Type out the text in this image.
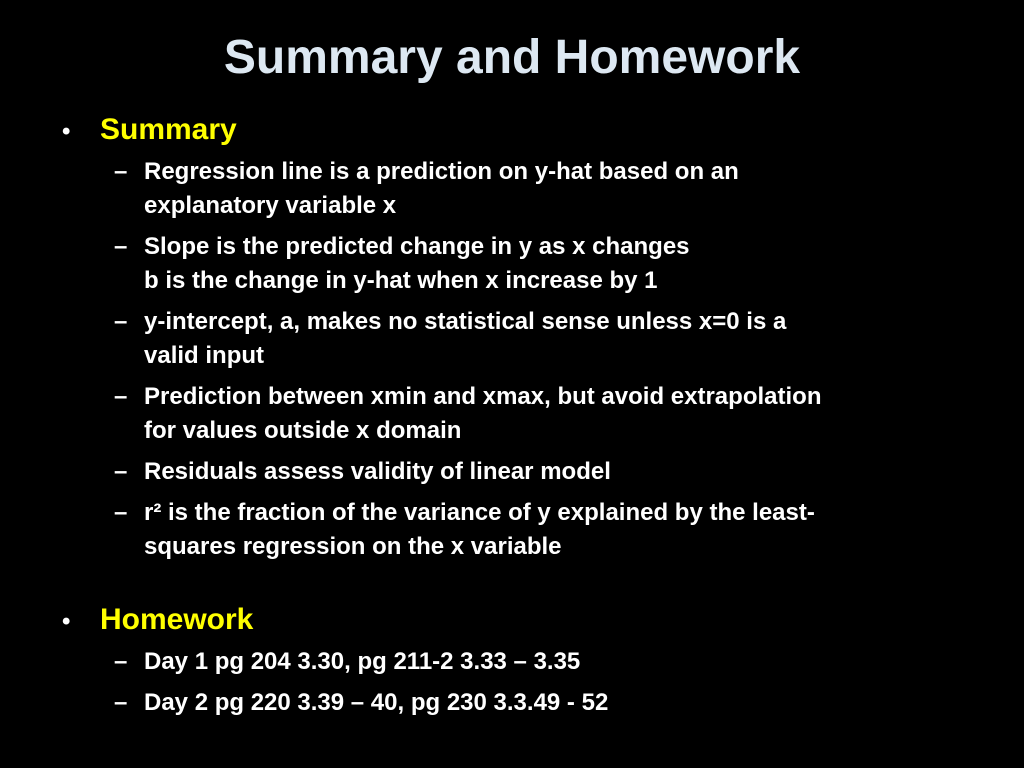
Summary and Homework
• Summary
– Regression line is a prediction on y-hat based on an
explanatory variable x
– Slope is the predicted change in y as x changes
b is the change in y-hat when x increase by 1
– y-intercept, a, makes no statistical sense unless x=0 is a
valid input
– Prediction between xmin and xmax, but avoid extrapolation
for values outside x domain
– Residuals assess validity of linear model
– r² is the fraction of the variance of y explained by the least-
squares regression on the x variable
• Homework
– Day 1 pg 204 3.30, pg 211-2 3.33 – 3.35
– Day 2 pg 220 3.39 – 40, pg 230 3.3.49 - 52
